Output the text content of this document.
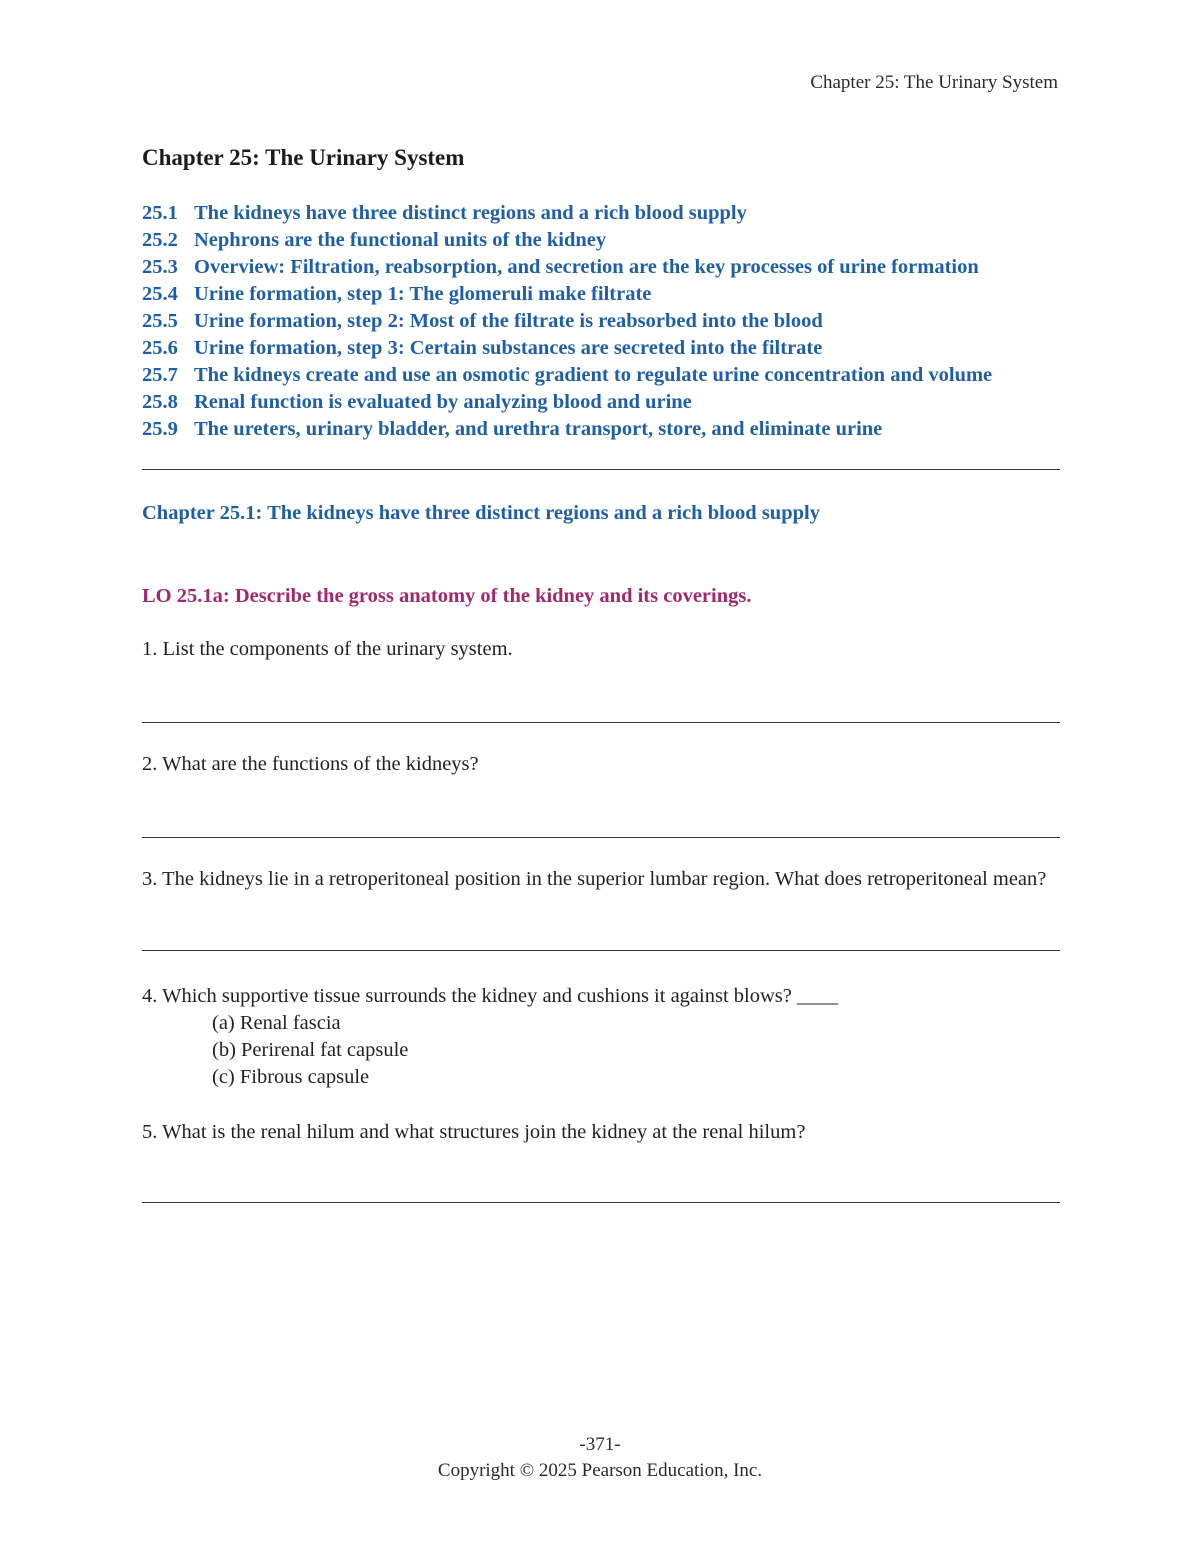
Chapter 25: The Urinary System
Chapter 25: The Urinary System
25.1 The kidneys have three distinct regions and a rich blood supply
25.2 Nephrons are the functional units of the kidney
25.3 Overview: Filtration, reabsorption, and secretion are the key processes of urine formation
25.4 Urine formation, step 1: The glomeruli make filtrate
25.5 Urine formation, step 2: Most of the filtrate is reabsorbed into the blood
25.6 Urine formation, step 3: Certain substances are secreted into the filtrate
25.7 The kidneys create and use an osmotic gradient to regulate urine concentration and volume
25.8 Renal function is evaluated by analyzing blood and urine
25.9 The ureters, urinary bladder, and urethra transport, store, and eliminate urine
Chapter 25.1: The kidneys have three distinct regions and a rich blood supply
LO 25.1a: Describe the gross anatomy of the kidney and its coverings.
1. List the components of the urinary system.
2. What are the functions of the kidneys?
3. The kidneys lie in a retroperitoneal position in the superior lumbar region. What does retroperitoneal mean?
4. Which supportive tissue surrounds the kidney and cushions it against blows? ____
(a) Renal fascia
(b) Perirenal fat capsule
(c) Fibrous capsule
5. What is the renal hilum and what structures join the kidney at the renal hilum?
-371-
Copyright © 2025 Pearson Education, Inc.
